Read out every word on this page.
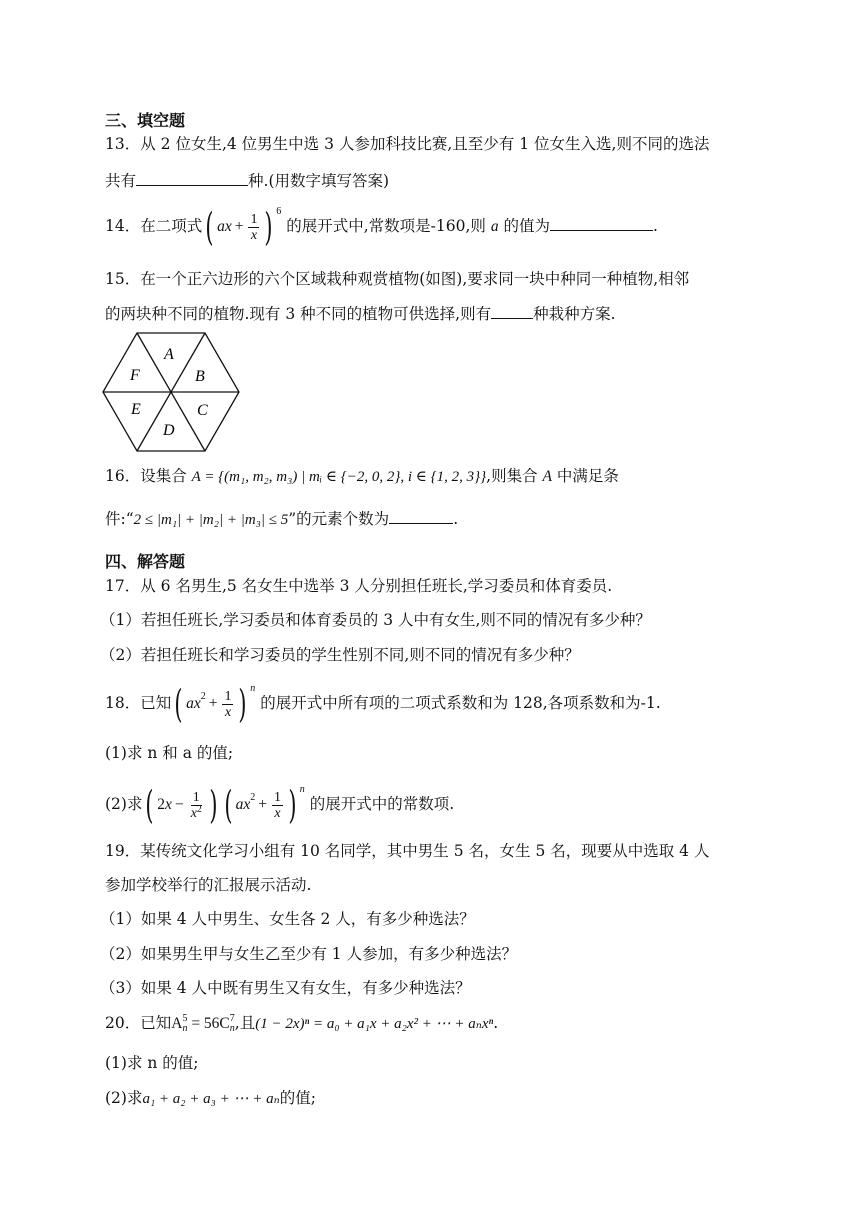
三、填空题
13．从 2 位女生,4 位男生中选 3 人参加科技比赛,且至少有 1 位女生入选,则不同的选法
共有	种.(用数字填写答案)
14．在二项式( ax + $\frac{1}{x}$ ) $^6$ 的展开式中,常数项是-160,则 a 的值为	.
15．在一个正六边形的六个区域栽种观赏植物(如图),要求同一块中种同一种植物,相邻
的两块种不同的植物.现有 3 种不同的植物可供选择,则有	种栽种方案.
A
B
C
D
E
F
16．设集合 A = {(m₁, m₂, m₃) | mᵢ ∈ {−2, 0, 2}, i ∈ {1, 2, 3}},则集合 A 中满足条
件:“2 ≤ |m₁| + |m₂| + |m₃| ≤ 5”的元素个数为	.
四、解答题
17．从 6 名男生,5 名女生中选举 3 人分别担任班长,学习委员和体育委员.
（1）若担任班长,学习委员和体育委员的 3 人中有女生,则不同的情况有多少种？
（2）若担任班长和学习委员的学生性别不同,则不同的情况有多少种？
18．已知( $ax^2 + \frac{1}{x}$ ) $^n$ 的展开式中所有项的二项式系数和为 128,各项系数和为-1.
(1)求 n 和 a 的值;
(2)求( $2x - \frac{1}{x^2}$ ) ( $ax^2 + \frac{1}{x}$ ) $^n$ 的展开式中的常数项.
19．某传统文化学习小组有 10 名同学，其中男生 5 名，女生 5 名，现要从中选取 4 人
参加学校举行的汇报展示活动.
（1）如果 4 人中男生、女生各 2 人，有多少种选法？
（2）如果男生甲与女生乙至少有 1 人参加，有多少种选法？
（3）如果 4 人中既有男生又有女生，有多少种选法？
20．已知A 5
n = 56C 7
n ,且(1 − 2x)ⁿ = a₀ + a₁x + a₂x² + ⋯ + aₙxⁿ.
(1)求 n 的值;
(2)求a₁ + a₂ + a₃ + ⋯ + aₙ的值;
